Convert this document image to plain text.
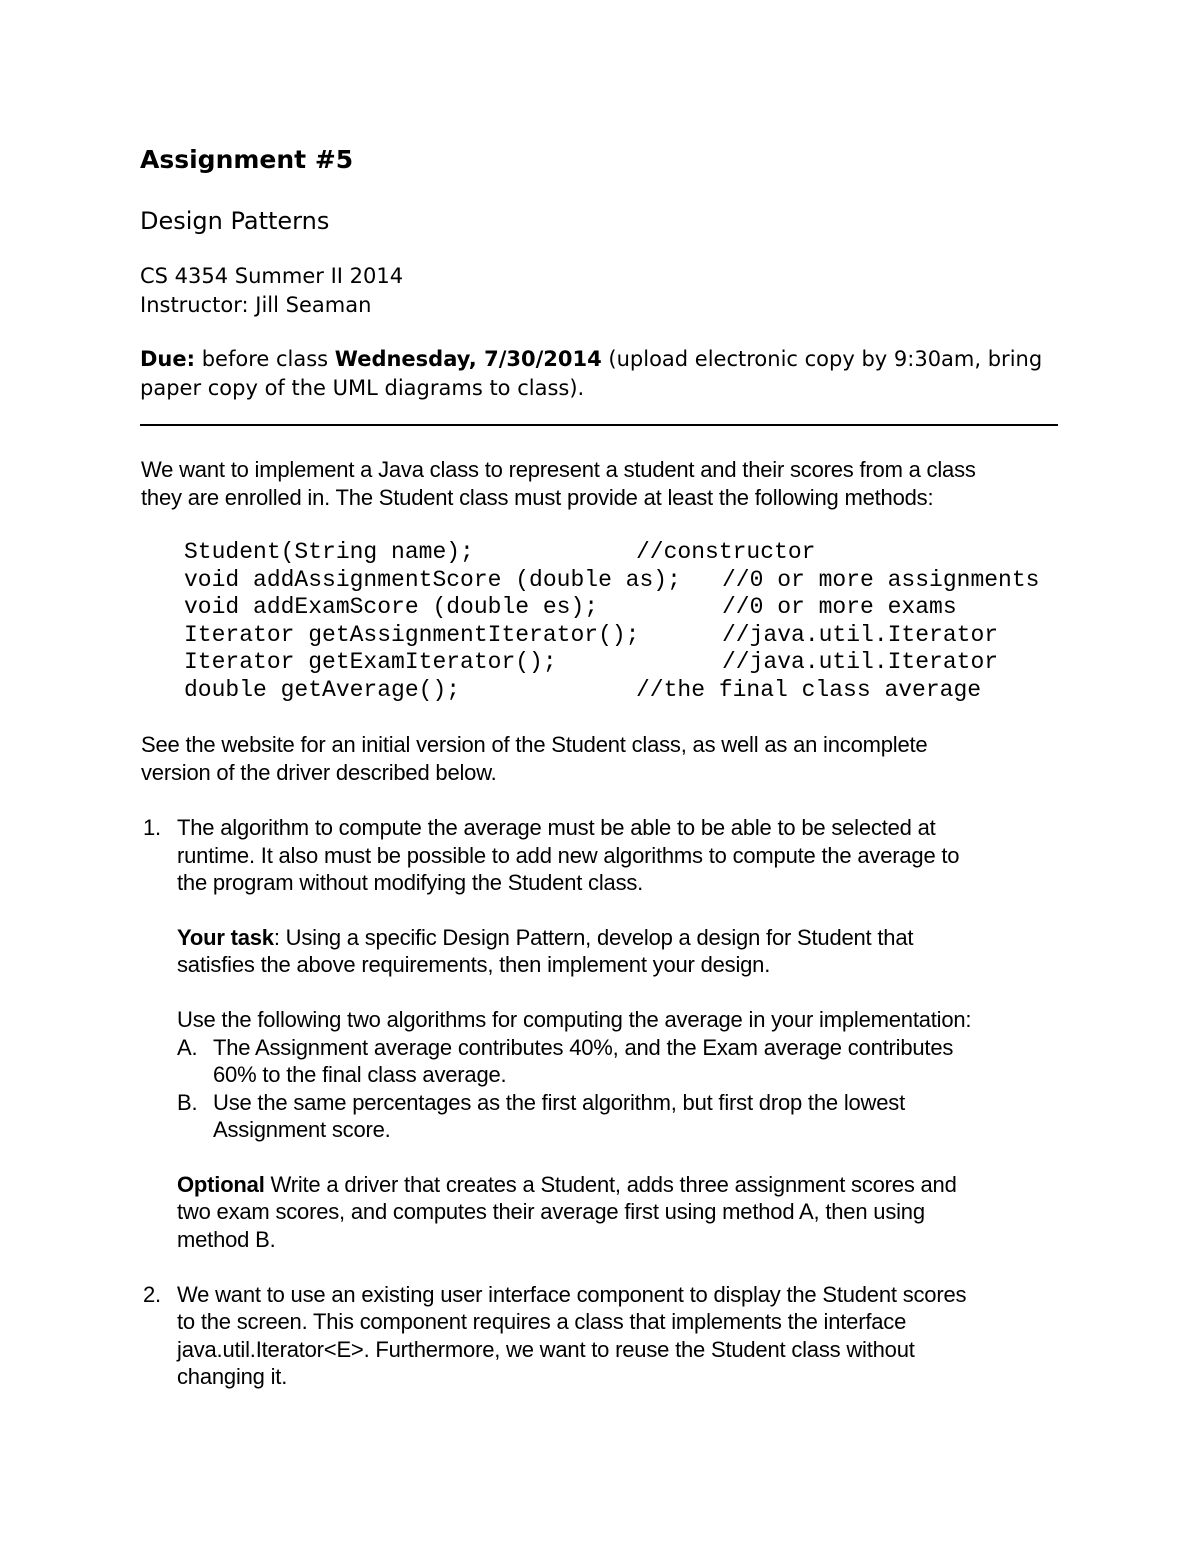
Assignment #5
Design Patterns
CS 4354 Summer II 2014
Instructor: Jill Seaman
Due: before class Wednesday, 7/30/2014 (upload electronic copy by 9:30am, bring
paper copy of the UML diagrams to class).
We want to implement a Java class to represent a student and their scores from a class
they are enrolled in. The Student class must provide at least the following methods:
Student(String name);	//constructor
void addAssignmentScore (double as); //0 or more assignments
void addExamScore (double es);	//0 or more exams
Iterator getAssignmentIterator();	//java.util.Iterator
Iterator getExamIterator();	//java.util.Iterator
double getAverage();	//the final class average
See the website for an initial version of the Student class, as well as an incomplete
version of the driver described below.
1. The algorithm to compute the average must be able to be able to be selected at
runtime. It also must be possible to add new algorithms to compute the average to
the program without modifying the Student class.
Your task: Using a specific Design Pattern, develop a design for Student that
satisfies the above requirements, then implement your design.
Use the following two algorithms for computing the average in your implementation:
A. The Assignment average contributes 40%, and the Exam average contributes
60% to the final class average.
B. Use the same percentages as the first algorithm, but first drop the lowest
Assignment score.
Optional Write a driver that creates a Student, adds three assignment scores and
two exam scores, and computes their average first using method A, then using
method B.
2. We want to use an existing user interface component to display the Student scores
to the screen. This component requires a class that implements the interface
java.util.Iterator<E>. Furthermore, we want to reuse the Student class without
changing it.
